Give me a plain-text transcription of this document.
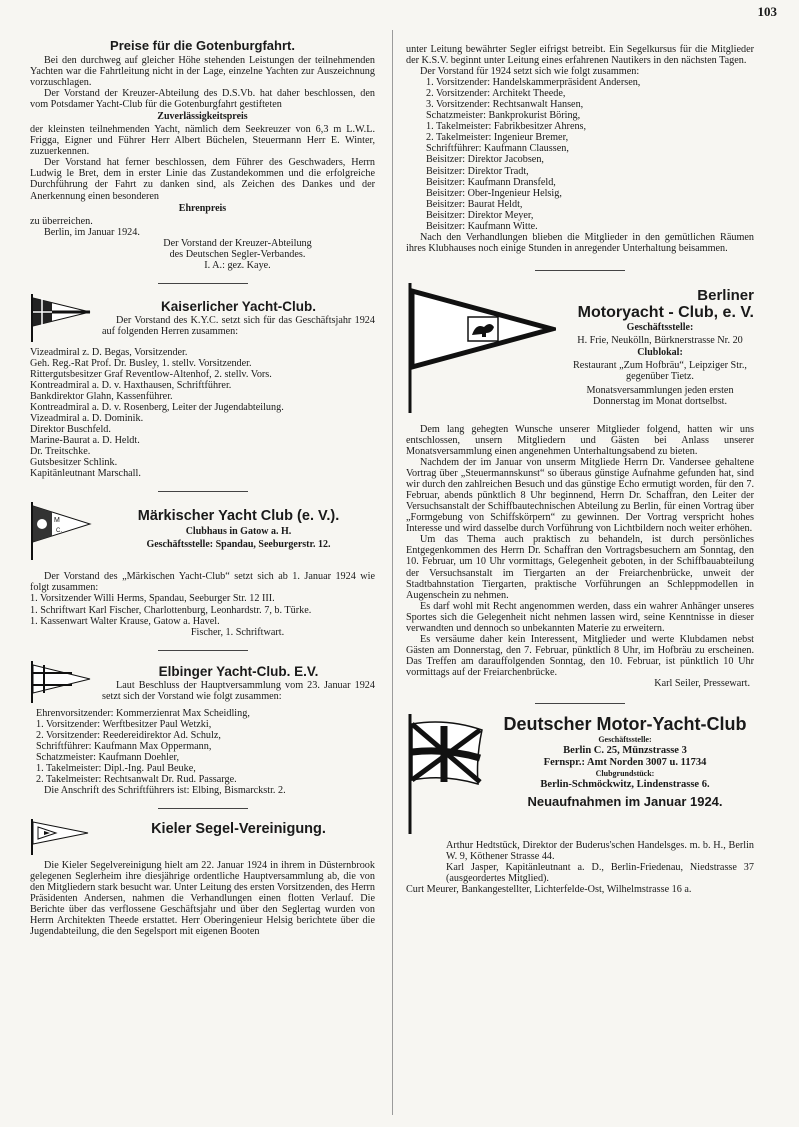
103
Preise für die Gotenburgfahrt.

Bei den durchweg auf gleicher Höhe stehenden Leistungen der teilnehmenden Yachten war die Fahrtleitung nicht in der Lage, einzelne Yachten zur Auszeichnung vorzuschlagen.

Der Vorstand der Kreuzer-Abteilung des D.S.Vb. hat daher beschlossen, den vom Potsdamer Yacht-Club für die Gotenburgfahrt gestifteten

Zuverlässigkeitspreis

der kleinsten teilnehmenden Yacht, nämlich dem Seekreuzer von 6,3 m L.W.L. Frigga, Eigner und Führer Herr Albert Büchelen, Steuermann Herr E. Winter, zuzuerkennen.

Der Vorstand hat ferner beschlossen, dem Führer des Geschwaders, Herrn Ludwig le Bret, dem in erster Linie das Zustandekommen und die erfolgreiche Durchführung der Fahrt zu danken sind, als Zeichen des Dankes und der Anerkennung einen besonderen

Ehrenpreis

zu überreichen.

Berlin, im Januar 1924.

Der Vorstand der Kreuzer-Abteilung

des Deutschen Segler-Verbandes.

I. A.: gez. Kaye.

Kaiserlicher Yacht-Club.

Der Vorstand des K.Y.C. setzt sich für das Geschäftsjahr 1924 auf folgenden Herren zusammen:

Vizeadmiral z. D. Begas, Vorsitzender.

Geh. Reg.-Rat Prof. Dr. Busley, 1. stellv. Vorsitzender.

Rittergutsbesitzer Graf Reventlow-Altenhof, 2. stellv. Vors.

Kontreadmiral a. D. v. Haxthausen, Schriftführer.

Bankdirektor Glahn, Kassenführer.

Kontreadmiral a. D. v. Rosenberg, Leiter der Jugendabteilung.

Vizeadmiral a. D. Dominik.

Direktor Buschfeld.

Marine-Baurat a. D. Heldt.

Dr. Treitschke.

Gutsbesitzer Schlink.

Kapitänleutnant Marschall.

M
C.
Märkischer Yacht Club (e. V.).
Clubhaus in Gatow a. H.
Geschäftsstelle: Spandau, Seeburgerstr. 12.

Der Vorstand des „Märkischen Yacht-Club“ setzt sich ab 1. Januar 1924 wie folgt zusammen:

1. Vorsitzender Willi Herms, Spandau, Seeburger Str. 12 III.

1. Schriftwart Karl Fischer, Charlottenburg, Leonhardstr. 7, b. Türke.

1. Kassenwart Walter Krause, Gatow a. Havel.

Fischer, 1. Schriftwart.

Elbinger Yacht-Club. E.V.

Laut Beschluss der Hauptversammlung vom 23. Januar 1924 setzt sich der Vorstand wie folgt zusammen:

Ehrenvorsitzender: Kommerzienrat Max Scheidling,

1. Vorsitzender: Werftbesitzer Paul Wetzki,

2. Vorsitzender: Reedereidirektor Ad. Schulz,

Schriftführer: Kaufmann Max Oppermann,

Schatzmeister: Kaufmann Doehler,

1. Takelmeister: Dipl.-Ing. Paul Beuke,

2. Takelmeister: Rechtsanwalt Dr. Rud. Passarge.

Die Anschrift des Schriftführers ist: Elbing, Bismarckstr. 2.

Kieler Segel-Vereinigung.

Die Kieler Segelvereinigung hielt am 22. Januar 1924 in ihrem in Düsternbrook gelegenen Seglerheim ihre diesjährige ordentliche Hauptversammlung ab, die von den Mitgliedern stark besucht war. Unter Leitung des ersten Vorsitzenden, des Herrn Präsidenten Andersen, nahmen die Verhandlungen einen flotten Verlauf. Die Berichte über das verflossene Geschäftsjahr und über den Seglertag wurden von Herrn Architekten Theede erstattet. Herr Oberingenieur Helsig berichtete über die Jugendabteilung, die den Segelsport mit eigenen Booten

unter Leitung bewährter Segler eifrigst betreibt. Ein Segelkursus für die Mitglieder der K.S.V. beginnt unter Leitung eines erfahrenen Nautikers in den nächsten Tagen.

Der Vorstand für 1924 setzt sich wie folgt zusammen:

1. Vorsitzender: Handelskammerpräsident Andersen,

2. Vorsitzender: Architekt Theede,

3. Vorsitzender: Rechtsanwalt Hansen,

Schatzmeister: Bankprokurist Böring,

1. Takelmeister: Fabrikbesitzer Ahrens,

2. Takelmeister: Ingenieur Bremer,

Schriftführer: Kaufmann Claussen,

Beisitzer: Direktor Jacobsen,

Beisitzer: Direktor Tradt,

Beisitzer: Kaufmann Dransfeld,

Beisitzer: Ober-Ingenieur Helsig,

Beisitzer: Baurat Heldt,

Beisitzer: Direktor Meyer,

Beisitzer: Kaufmann Witte.

Nach den Verhandlungen blieben die Mitglieder in den gemütlichen Räumen ihres Klubhauses noch einige Stunden in anregender Unterhaltung beisammen.

Berliner
Motoryacht - Club, e. V.
Geschäftsstelle:

H. Frie, Neukölln, Bürknerstrasse Nr. 20

Clublokal:

Restaurant „Zum Hofbräu“, Leipziger Str., gegenüber Tietz.

Monatsversammlungen jeden ersten Donnerstag im Monat dortselbst.

Dem lang gehegten Wunsche unserer Mitglieder folgend, hatten wir uns entschlossen, unsern Mitgliedern und Gästen bei Anlass unserer Monatsversammlung einen angenehmen Unterhaltungsabend zu bieten.

Nachdem der im Januar von unserm Mitgliede Herrn Dr. Vandersee gehaltene Vortrag über „Steuermannskunst“ so überaus günstige Aufnahme gefunden hat, sind wir durch den zahlreichen Besuch und das günstige Echo ermutigt worden, für den 7. Februar, abends pünktlich 8 Uhr beginnend, Herrn Dr. Schaffran, den Leiter der Versuchsanstalt der Schiffbautechnischen Abteilung zu Berlin, für einen Vortrag über „Formgebung von Schiffskörpern“ zu gewinnen. Der Vortrag verspricht hohes Interesse und wird dasselbe durch Vorführung von Lichtbildern noch weiter erhöhen.

Um das Thema auch praktisch zu behandeln, ist durch persönliches Entgegenkommen des Herrn Dr. Schaffran den Vortragsbesuchern am Sonntag, den 10. Februar, um 10 Uhr vormittags, Gelegenheit geboten, in der Schiffbauabteilung der Versuchsanstalt im Tiergarten an der Freiarchenbrücke, unweit der Stadtbahnstation Tiergarten, praktische Vorführungen an Schleppmodellen in Augenschein zu nehmen.

Es darf wohl mit Recht angenommen werden, dass ein wahrer Anhänger unseres Sportes sich die Gelegenheit nicht nehmen lassen wird, seine Kenntnisse in dieser verwandten und dennoch so unbekannten Materie zu erweitern.

Es versäume daher kein Interessent, Mitglieder und werte Klubdamen nebst Gästen am Donnerstag, den 7. Februar, pünktlich 8 Uhr, im Hofbräu zu erscheinen. Das Treffen am darauffolgenden Sonntag, den 10. Februar, ist pünktlich 10 Uhr vormittags auf der Freiarchenbrücke.

Karl Seiler, Pressewart.

Deutscher Motor-Yacht-Club
Geschäftsstelle:

Berlin C. 25, Münzstrasse 3

Fernspr.: Amt Norden 3007 u. 11734

Clubgrundstück:

Berlin-Schmöckwitz, Lindenstrasse 6.

Neuaufnahmen im Januar 1924.

Arthur Hedtstück, Direktor der Buderus'schen Handelsges. m. b. H., Berlin W. 9, Köthener Strasse 44.

Karl Jasper, Kapitänleutnant a. D., Berlin-Friedenau, Niedstrasse 37 (ausgeordertes Mitglied).

Curt Meurer, Bankangestellter, Lichterfelde-Ost, Wilhelmstrasse 16 a.
